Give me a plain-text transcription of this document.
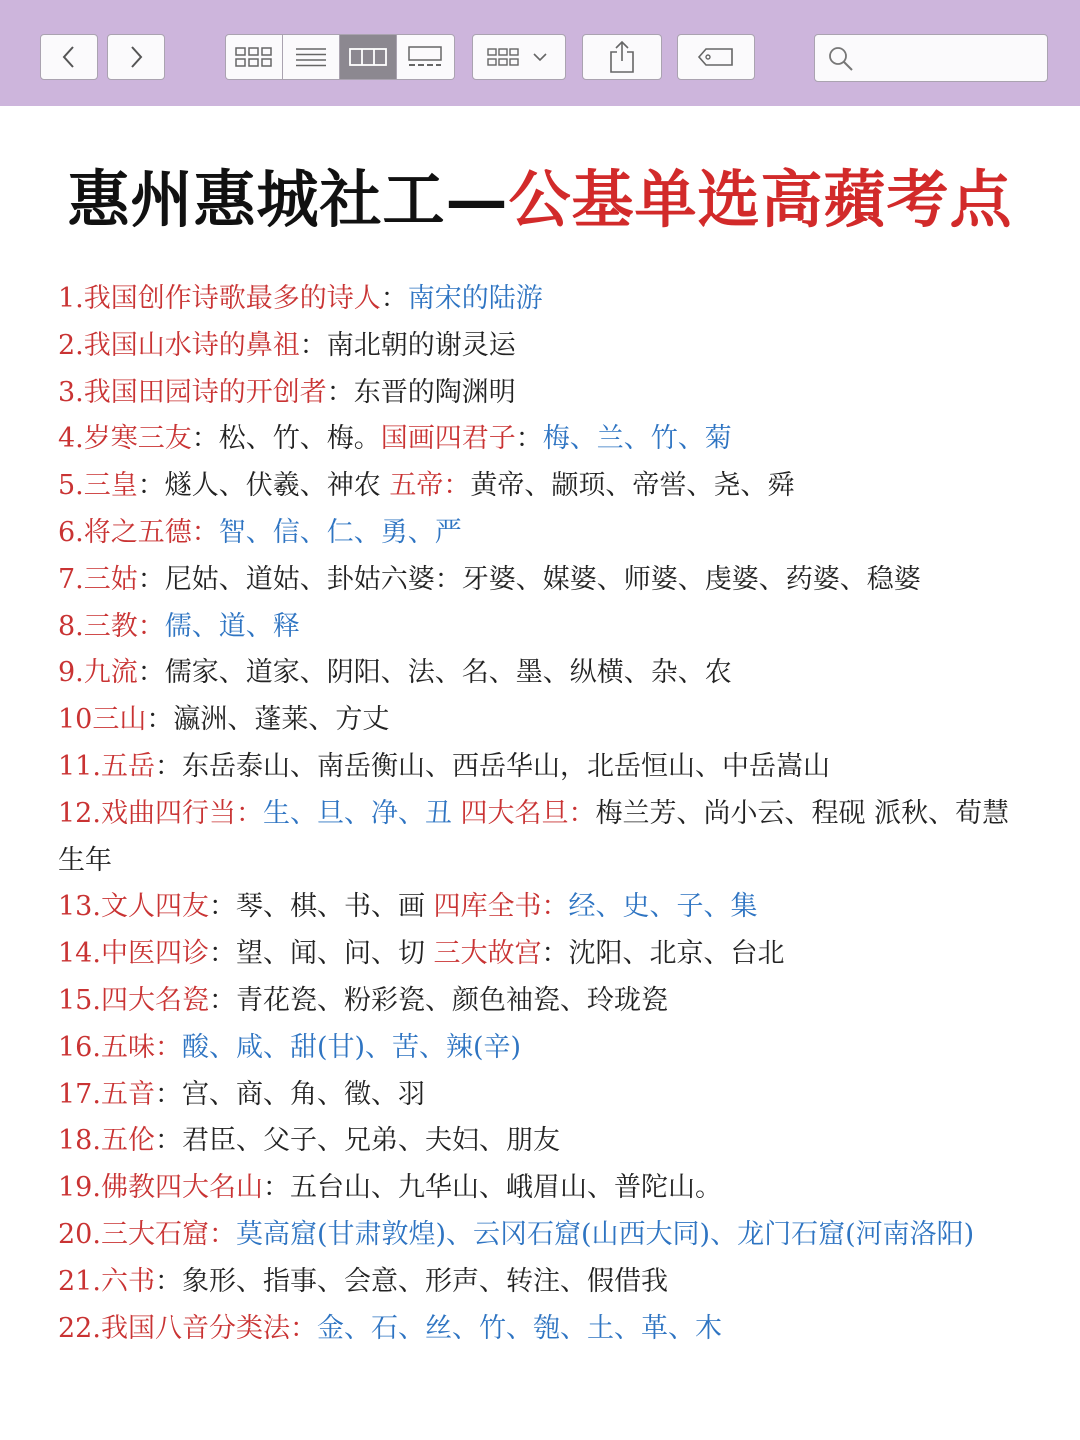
惠州惠城社工—公基单选高蘋考点

1.我国创作诗歌最多的诗人：南宋的陆游

2.我国山水诗的鼻祖：南北朝的谢灵运

3.我国田园诗的开创者：东晋的陶渊明

4.岁寒三友：松、竹、梅。国画四君子：梅、兰、竹、菊

5.三皇：燧人、伏羲、神农 五帝：黄帝、颛顼、帝喾、尧、舜

6.将之五德：智、信、仁、勇、严

7.三姑：尼姑、道姑、卦姑六婆：牙婆、媒婆、师婆、虔婆、药婆、稳婆

8.三教：儒、道、释

9.九流：儒家、道家、阴阳、法、名、墨、纵横、杂、农

10三山：瀛洲、蓬莱、方丈

11.五岳：东岳泰山、南岳衡山、西岳华山，北岳恒山、中岳嵩山

12.戏曲四行当：生、旦、净、丑 四大名旦：梅兰芳、尚小云、程砚 派秋、荀慧生年

13.文人四友：琴、棋、书、画 四库全书：经、史、子、集

14.中医四诊：望、闻、问、切 三大故宫：沈阳、北京、台北

15.四大名瓷：青花瓷、粉彩瓷、颜色袖瓷、玲珑瓷

16.五味：酸、咸、甜(甘)、苦、辣(辛)

17.五音：宫、商、角、徵、羽

18.五伦：君臣、父子、兄弟、夫妇、朋友

19.佛教四大名山：五台山、九华山、峨眉山、普陀山。

20.三大石窟：莫高窟(甘肃敦煌)、云冈石窟(山西大同)、龙门石窟(河南洛阳)

21.六书：象形、指事、会意、形声、转注、假借我

22.我国八音分类法：金、石、丝、竹、匏、土、革、木
